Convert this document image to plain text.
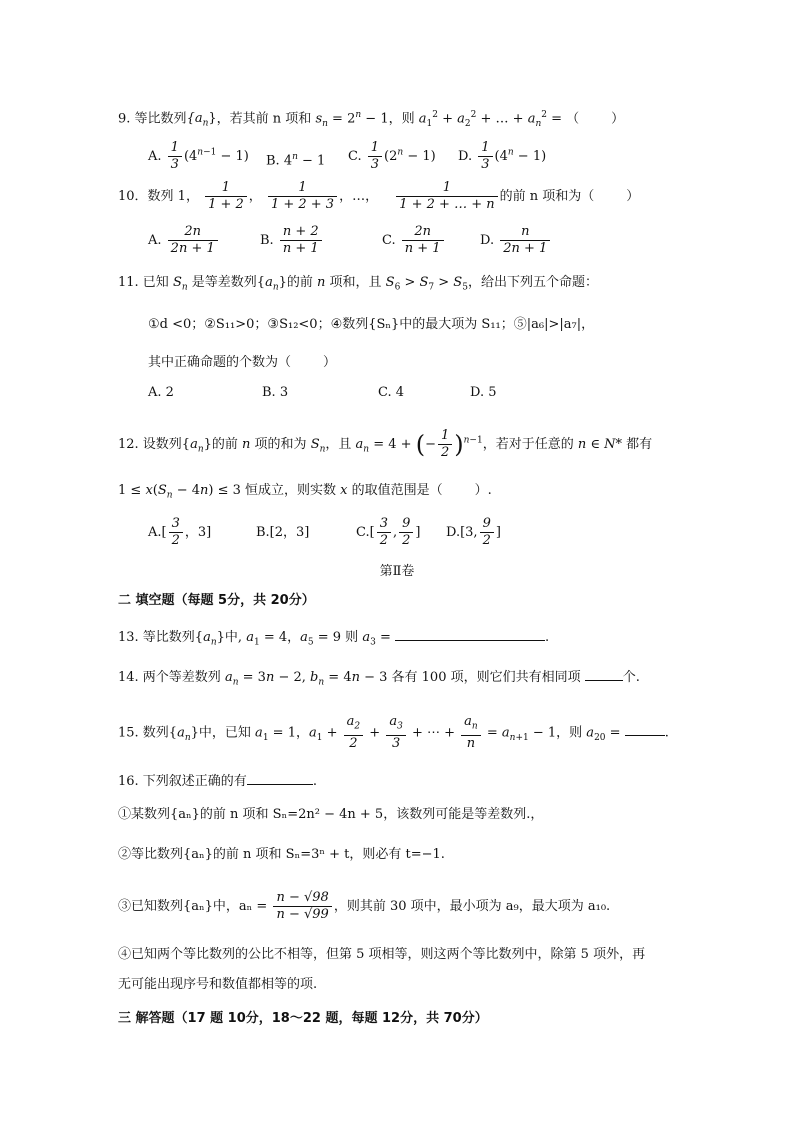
9. 等比数列$\{a_n\}$，若其前 n 项和 $s_n = 2^n - 1$，则 $a_1^2 + a_2^2$ + … + $a_n^2$ = （ ）
A. $\frac{1}{3} (4^{n-1} - 1)$ B. $4^n - 1$ C. $\frac{1}{3} (2^n - 1)$ D. $\frac{1}{3} (4^n - 1)$
10．数列 1， $\frac{1}{1 + 2}$ ， $\frac{1}{1 + 2 + 3}$ ，…， $\frac{1}{1 + 2 + \dots + n}$ 的前 n 项和为（ ）
A. $\frac{2n}{2n + 1}$	B. $\frac{n + 2}{n + 1}$	C. $\frac{2n}{n + 1}$	D. $\frac{n}{2n + 1}$
11. 已知 $S_n$ 是等差数列$\{a_n\}$的前 n 项和，且 $S_6 > S_7 > S_5$，给出下列五个命题：
①d <0；②S₁₁>0；③S₁₂<0；④数列{Sₙ}中的最大项为 S₁₁；⑤|a₆|>|a₇|，
其中正确命题的个数为（ ）
A. 2	B. 3	C. 4	D. 5
12. 设数列$\{a_n\}$的前 n 项的和为 $S_n$，且 $a_n = 4$ + (− $\frac{1}{2} )^{n-1}$，若对于任意的 n ∈ N* 都有
$1 \le x(S_n - 4n) \le 3$ 恒成立，则实数 x 的取值范围是（ ）.
$A.[ \frac{3}{2}$ ，3]	B.[2，3]	$C.[ \frac{3}{2}$ , $\frac{9}{2}$ ] D.[3, $\frac{9}{2}$ ]
第Ⅱ卷
二 填空题（每题 5分，共 20分）
13. 等比数列$\{a_n\}$中, $a_1 = 4$，$a_5 = 9$ 则 $a_3$ =	.
14. 两个等差数列 $a_n = 3n - 2$, $b_n = 4n - 3$ 各有 100 项，则它们共有相同项	个.
15. 数列$\{a_n\}$中，已知 $a_1 = 1$，$a_1 + \frac{a_2}{2} + \frac{a_3}{3}$ + ⋯ + $\frac{a_n}{n} = a_{n+1} - 1$，则 $a_{20}$ =	.
16. 下列叙述正确的有	.
①某数列{aₙ}的前 n 项和 Sₙ=2n² − 4n + 5，该数列可能是等差数列.，
②等比数列{aₙ}的前 n 项和 Sₙ=3ⁿ + t，则必有 t=−1.
③已知数列{aₙ}中，$a_n = \frac{n - √98}{n - √99}$ ，则其前 30 项中，最小项为 a₉，最大项为 a₁₀.
④已知两个等比数列的公比不相等，但第 5 项相等，则这两个等比数列中，除第 5 项外，再
无可能出现序号和数值都相等的项.
三 解答题（17 题 10分，18～22 题，每题 12分，共 70分）
